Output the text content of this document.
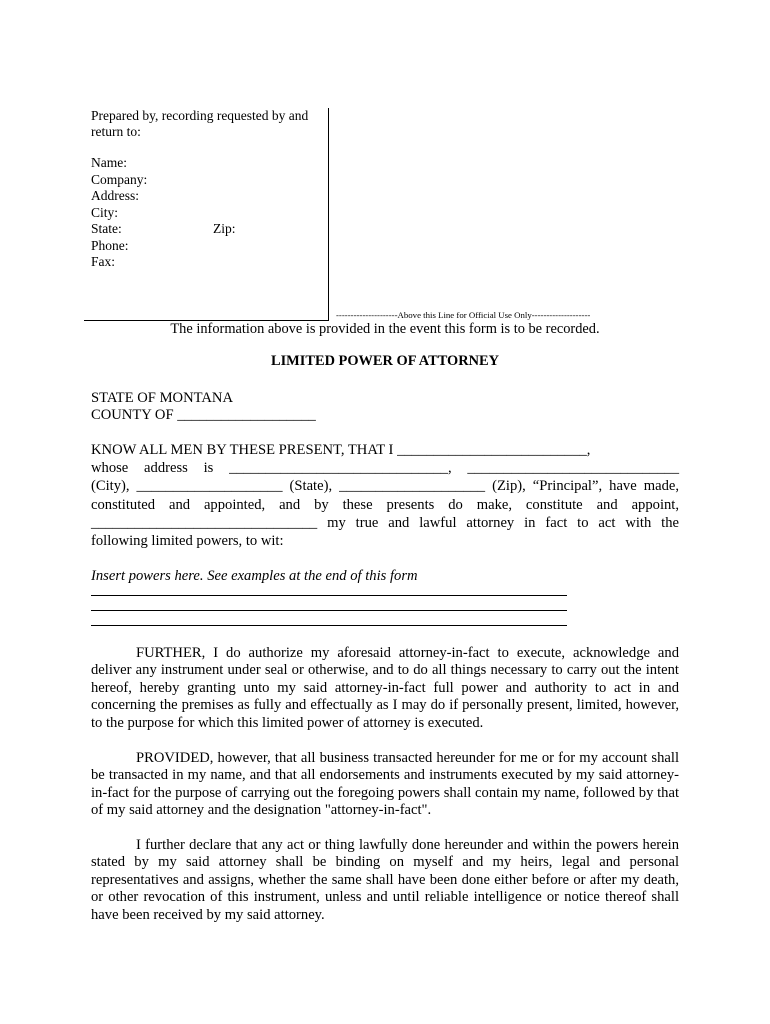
Prepared by, recording requested by and
return to:
Name:
Company:
Address:
City:
State:	Zip:
Phone:
Fax:
---------------------Above this Line for Official Use Only--------------------
The information above is provided in the event this form is to be recorded.
LIMITED POWER OF ATTORNEY
STATE OF MONTANA
COUNTY OF ___________________
KNOW ALL MEN BY THESE PRESENT, THAT I __________________________,
whose address is ______________________________, _____________________________
(City), ____________________ (State), ____________________ (Zip), “Principal”, have made,
constituted and appointed, and by these presents do make, constitute and appoint,
_______________________________ my true and lawful attorney in fact to act with the
following limited powers, to wit:
Insert powers here. See examples at the end of this form
FURTHER, I do authorize my aforesaid attorney-in-fact to execute, acknowledge and deliver any instrument under seal or otherwise, and to do all things necessary to carry out the intent hereof, hereby granting unto my said attorney-in-fact full power and authority to act in and concerning the premises as fully and effectually as I may do if personally present, limited, however, to the purpose for which this limited power of attorney is executed.
PROVIDED, however, that all business transacted hereunder for me or for my account shall be transacted in my name, and that all endorsements and instruments executed by my said attorney-in-fact for the purpose of carrying out the foregoing powers shall contain my name, followed by that of my said attorney and the designation "attorney-in-fact".
I further declare that any act or thing lawfully done hereunder and within the powers herein stated by my said attorney shall be binding on myself and my heirs, legal and personal representatives and assigns, whether the same shall have been done either before or after my death, or other revocation of this instrument, unless and until reliable intelligence or notice thereof shall have been received by my said attorney.
